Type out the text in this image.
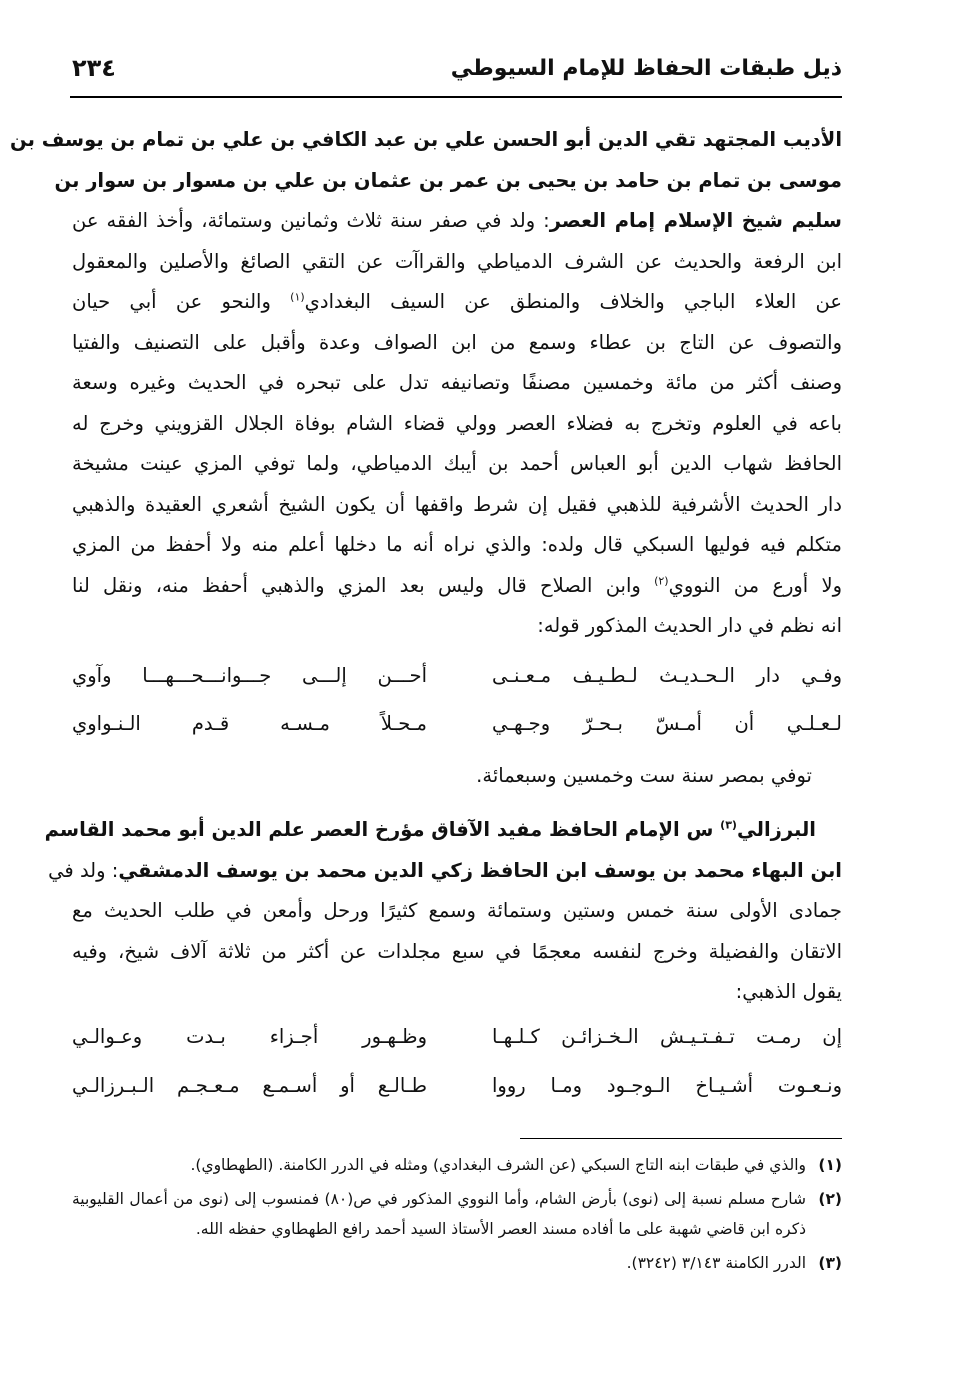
ذيل طبقات الحفاظ للإمام السيوطي
٢٣٤
الأديب المجتهد تقي الدين أبو الحسن علي بن عبد الكافي بن علي بن تمام بن يوسف بن
موسى بن تمام بن حامد بن يحيى بن عمر بن عثمان بن علي بن مسوار بن سوار بن
سليم شيخ الإسلام إمام العصر: ولد في صفر سنة ثلاث وثمانين وستمائة، وأخذ الفقه عن
ابن الرفعة والحديث عن الشرف الدمياطي والقراآت عن التقي الصائغ والأصلين والمعقول
عن العلاء الباجي والخلاف والمنطق عن السيف البغدادي$^{(١)}$ والنحو عن أبي حيان
والتصوف عن التاج بن عطاء وسمع من ابن الصواف وعدة وأقبل على التصنيف والفتيا
وصنف أكثر من مائة وخمسين مصنفًا وتصانيفه تدل على تبحره في الحديث وغيره وسعة
باعه في العلوم وتخرج به فضلاء العصر وولي قضاء الشام بوفاة الجلال القزويني وخرج له
الحافظ شهاب الدين أبو العباس أحمد بن أيبك الدمياطي، ولما توفي المزي عينت مشيخة
دار الحديث الأشرفية للذهبي فقيل إن شرط واقفها أن يكون الشيخ أشعري العقيدة والذهبي
متكلم فيه فوليها السبكي قال ولده: والذي نراه أنه ما دخلها أعلم منه ولا أحفظ من المزي
ولا أورع من النووي$^{(٢)}$ وابن الصلاح قال وليس بعد المزي والذهبي أحفظ منه، ونقل لنا
انه نظم في دار الحديث المذكور قوله:
وفـي دار الـحـديـث لـطـيـف مـعـنـى
أحـــن إلـــى جـــوانـــحـــهـــا وآوي
لـعـلـي أن أمـسّ بـحـرّ وجـهـي
مـحـلاً مـسـه قـدم الـنـواوي
توفي بمصر سنة ست وخمسين وسبعمائة.
البرزالي$^{(٣)}$ س الإمام الحافظ مفيد الآفاق مؤرخ العصر علم الدين أبو محمد القاسم
ابن البهاء محمد بن يوسف ابن الحافظ زكي الدين محمد بن يوسف الدمشقي: ولد في
جمادى الأولى سنة خمس وستين وستمائة وسمع كثيرًا ورحل وأمعن في طلب الحديث مع
الاتقان والفضيلة وخرج لنفسه معجمًا في سبع مجلدات عن أكثر من ثلاثة آلاف شيخ، وفيه
يقول الذهبي:
إن رمـت تـفـتـيـش الـخـزائـن كـلـهـا
وظـهـور أجـزاء بـدت وعـوالـي
ونـعـوت أشـيـاخ الـوجـود ومـا رووا
طـالـع أو أسـمـع مـعـجـم الـبـرزالـي
(١)
والذي في طبقات ابنه التاج السبكي (عن الشرف البغدادي) ومثله في الدرر الكامنة. (الطهطاوي).
(٢)
شارح مسلم نسبة إلى (نوى) بأرض الشام، وأما النووي المذكور في ص(٨٠) فمنسوب إلى (نوى من أعمال القليوبية ذكره ابن قاضي شهبة على ما أفاده مسند العصر الأستاذ السيد أحمد رافع الطهطاوي حفظه الله.
(٣)
الدرر الكامنة ٣/١٤٣ (٣٢٤٢).
